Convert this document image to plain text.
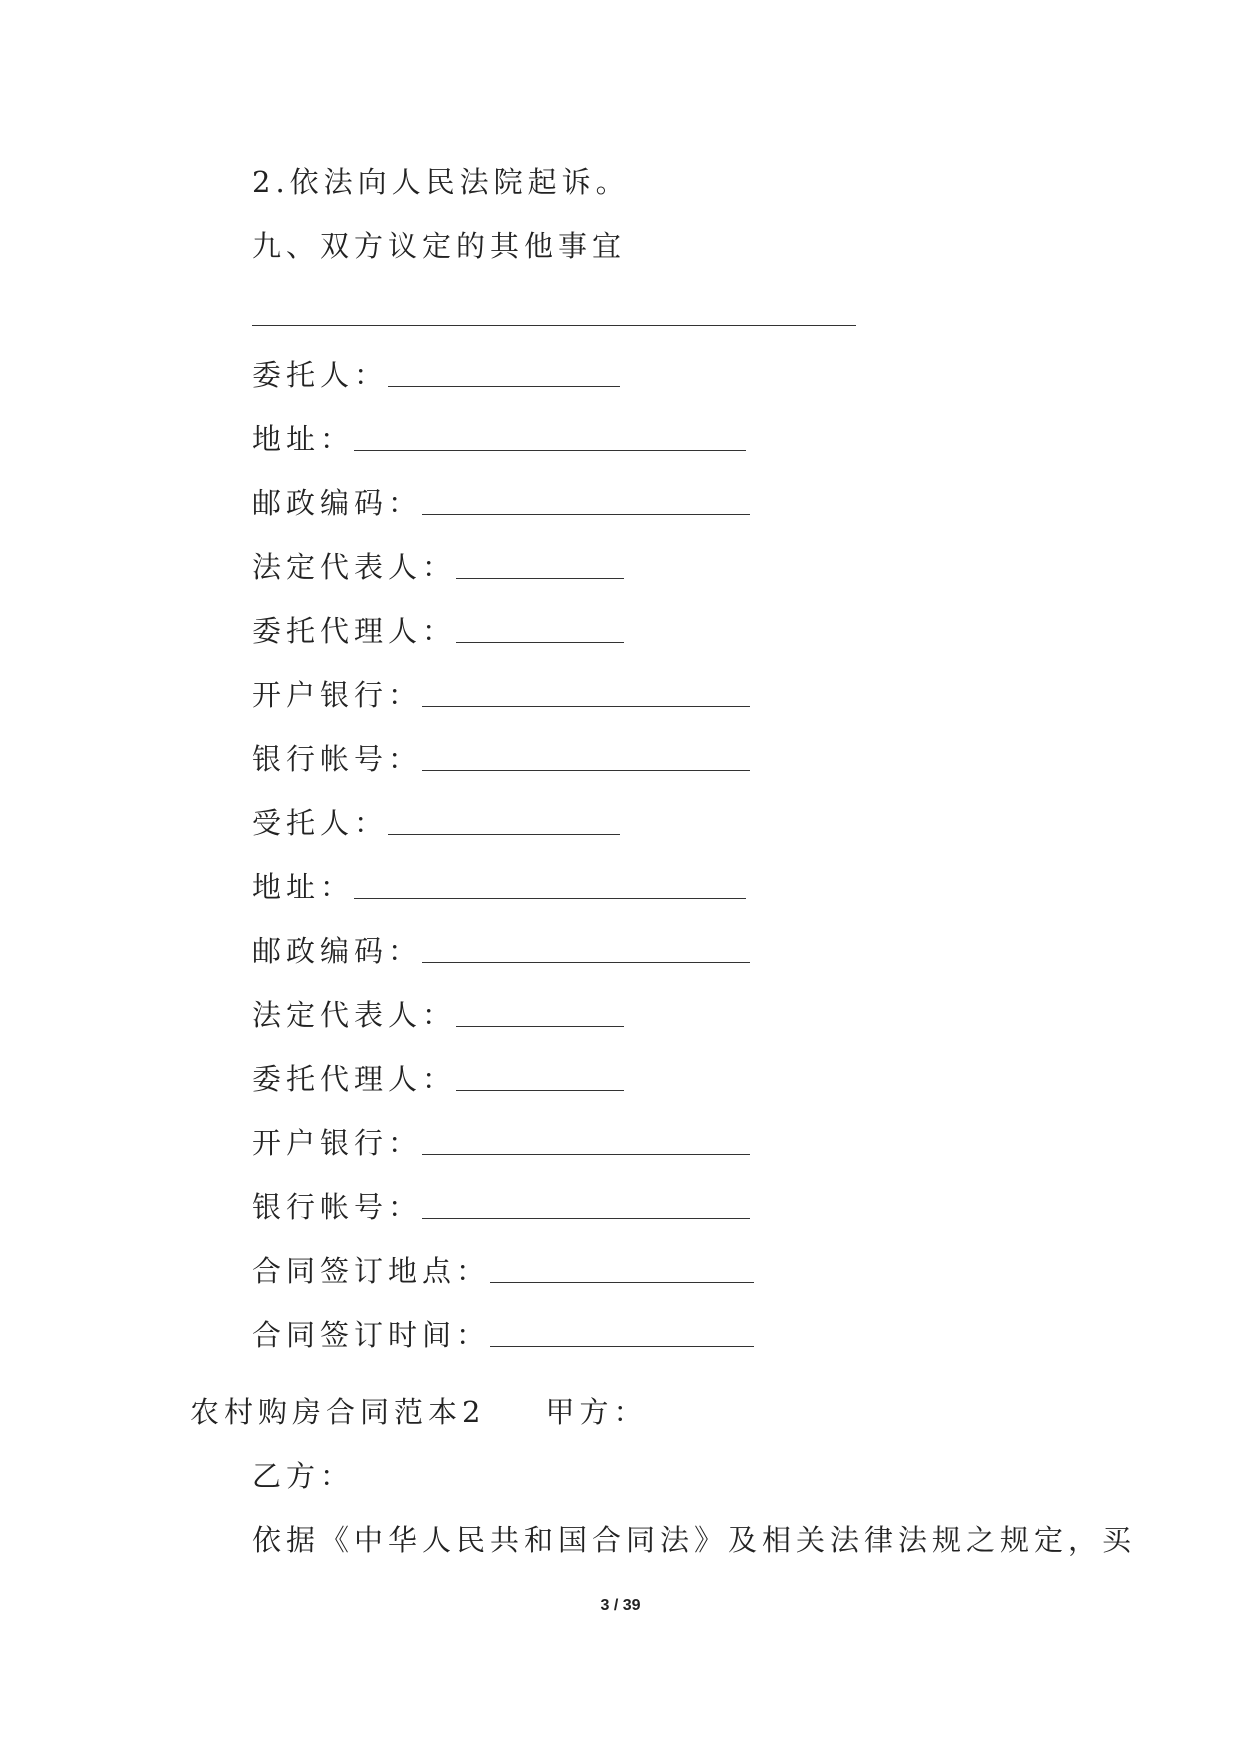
2.依法向人民法院起诉。
九、双方议定的其他事宜
委托人：
地址：
邮政编码：
法定代表人：
委托代理人：
开户银行：
银行帐号：
受托人：
地址：
邮政编码：
法定代表人：
委托代理人：
开户银行：
银行帐号：
合同签订地点：
合同签订时间：
农村购房合同范本2 甲方：
乙方：
依据《中华人民共和国合同法》及相关法律法规之规定，买
3 / 39
